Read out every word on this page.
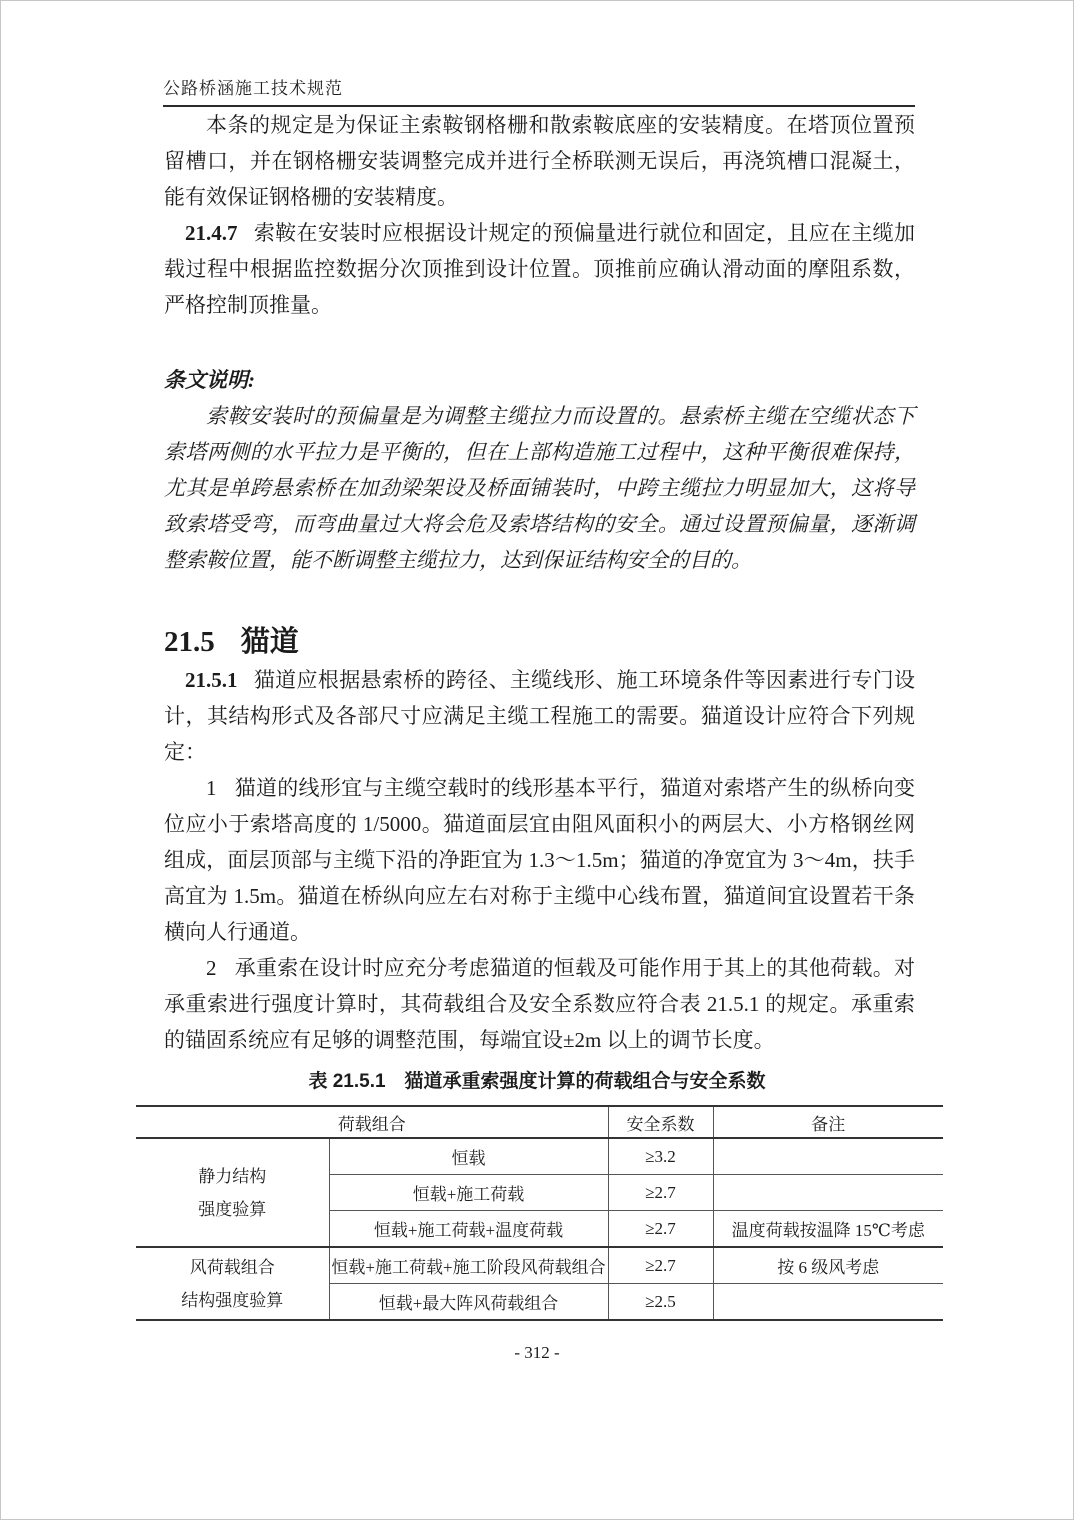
公路桥涵施工技术规范

本条的规定是为保证主索鞍钢格栅和散索鞍底座的安装精度。在塔顶位置预留槽口，并在钢格栅安装调整完成并进行全桥联测无误后，再浇筑槽口混凝土，能有效保证钢格栅的安装精度。

21.4.7 索鞍在安装时应根据设计规定的预偏量进行就位和固定，且应在主缆加载过程中根据监控数据分次顶推到设计位置。顶推前应确认滑动面的摩阻系数，严格控制顶推量。

条文说明:

索鞍安装时的预偏量是为调整主缆拉力而设置的。悬索桥主缆在空缆状态下索塔两侧的水平拉力是平衡的，但在上部构造施工过程中，这种平衡很难保持，尤其是单跨悬索桥在加劲梁架设及桥面铺装时，中跨主缆拉力明显加大，这将导致索塔受弯，而弯曲量过大将会危及索塔结构的安全。通过设置预偏量，逐渐调整索鞍位置，能不断调整主缆拉力，达到保证结构安全的目的。

21.5 猫道

21.5.1 猫道应根据悬索桥的跨径、主缆线形、施工环境条件等因素进行专门设计，其结构形式及各部尺寸应满足主缆工程施工的需要。猫道设计应符合下列规定：

1 猫道的线形宜与主缆空载时的线形基本平行，猫道对索塔产生的纵桥向变位应小于索塔高度的 1/5000。猫道面层宜由阻风面积小的两层大、小方格钢丝网组成，面层顶部与主缆下沿的净距宜为 1.3～1.5m；猫道的净宽宜为 3～4m，扶手高宜为 1.5m。猫道在桥纵向应左右对称于主缆中心线布置，猫道间宜设置若干条横向人行通道。

2 承重索在设计时应充分考虑猫道的恒载及可能作用于其上的其他荷载。对承重索进行强度计算时，其荷载组合及安全系数应符合表 21.5.1 的规定。承重索的锚固系统应有足够的调整范围，每端宜设±2m 以上的调节长度。

表 21.5.1　猫道承重索强度计算的荷载组合与安全系数
荷载组合		安全系数	备注

静力结构
强度验算	恒载	≥3.2	
	恒载+施工荷载	≥2.7	
	恒载+施工荷载+温度荷载	≥2.7	温度荷载按温降 15℃考虑

风荷载组合
结构强度验算	恒载+施工荷载+施工阶段风荷载组合	≥2.7	按 6 级风考虑
	恒载+最大阵风荷载组合	≥2.5	
- 312 -
